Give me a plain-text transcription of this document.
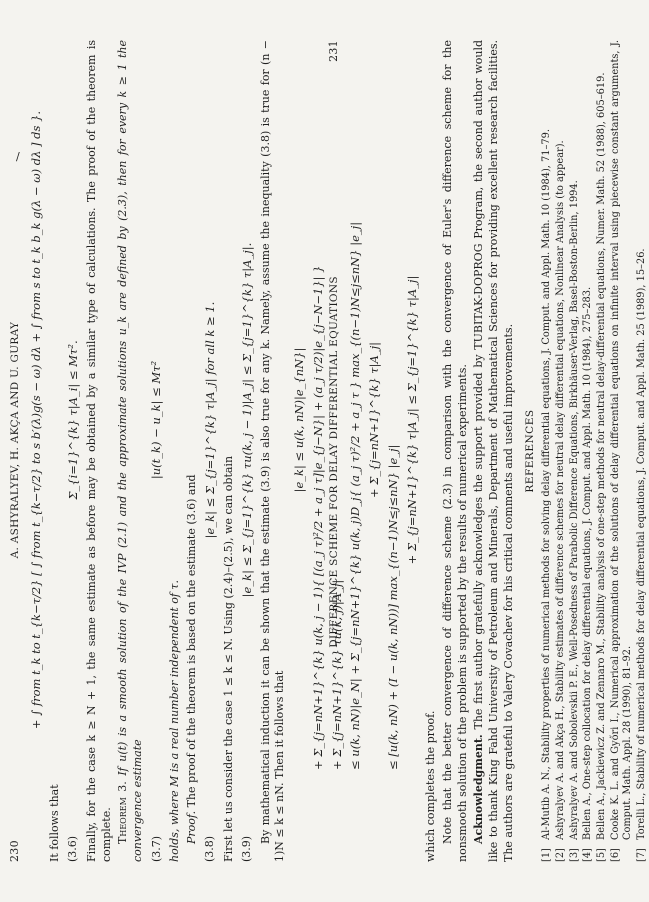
/
230
A. ASHYRALYEV, H. AKÇA AND U. GURAY + ∫ from t_k to t_{k−τ/2} [ ∫ from t_{k−τ/2} to s b′(λ)g(s − ω) dλ + ∫ from s to t_k b_k g(λ − ω) dλ ] ds }.

It follows that (3.6)
Σ_{i=1}^{k} τ|A_i| ≤ Mτ². Finally, for the case k ≥ N + 1, the same estimate as before may be obtained by a similar type of calculations. The proof of the theorem is complete. Theorem 3. If u(t) is a smooth solution of the IVP (2.1) and the approximate solutions u_k are defined by (2.3), then for every k ≥ 1 the convergence estimate (3.7)
|u(t_k) − u_k| ≤ Mτ²

holds, where M is a real number independent of τ. Proof. The proof of the theorem is based on the estimate (3.6) and

(3.8)
|e_k| ≤ Σ_{j=1}^{k} τ|A_j| for all k ≥ 1.

First let us consider the case 1 ≤ k ≤ N. Using (2.4)–(2.5), we can obtain (3.9)
|e_k| ≤ Σ_{j=1}^{k} τu(k, j − 1)|A_j| ≤ Σ_{j=1}^{k} τ|A_j|. By mathematical induction it can be shown that the estimate (3.9) is also true for any k. Namely, assume the inequality (3.8) is true for (n − 1)N ≤ k ≤ nN. Then it follows that

|e_k| ≤ u(k, nN)|e_{nN}| + Σ_{j=nN+1}^{k} u(k, j − 1){ [(a_j τ)²/2 + a_j τ]|e_{j−N}| + (a_j τ/2)|e_{j−N−1}| } + Σ_{j=nN+1}^{k} τu(k, j)|A_j|
DIFFERENCE SCHEME FOR DELAY DIFFERENTIAL EQUATIONS
231
≤ u(k, nN)|e_N| + Σ_{j=nN+1}^{k} u(k, j)D_j{ (a_j τ)²/2 + a_j τ } max_{(n−1)N≤j≤nN} |e_j| + Σ_{j=nN+1}^{k} τ|A_j|
≤ [u(k, nN) + (I − u(k, nN))] max_{(n−1)N≤j≤nN} |e_j|
+ Σ_{j=nN+1}^{k} τ|A_j| ≤ Σ_{j=1}^{k} τ|A_j|

which completes the proof. Note that the better convergence of difference scheme (2.3) in comparison with the convergence of Euler's difference scheme for the nonsmooth solution of the problem is supported by the results of numerical experiments. Acknowledgment. The first author gratefully acknowledges the support provided by TUBITAK-DOPROG Program, the second author would like to thank King Fahd University of Petroleum and Minerals, Department of Mathematical Sciences for providing excellent research facilities. The authors are grateful to Valery Covachev for his critical comments and useful improvements. REFERENCES
[1]
Al-Mutib A. N., Stability properties of numerical methods for solving delay differential equations, J. Comput. and Appl. Math. 10 (1984), 71–79.
[2]
Ashyralyev A. and Akça H., Stability estimates of difference schemes for neutral delay differential equations, Nonlinear Analysis (to appear).
[3]
Ashyralyev A. and Sobolevskii P. E., Well-Posedness of Parabolic Difference Equations, Birkhäuser-Verlag, Basel-Boston-Berlin, 1994.
[4]
Bellen A., One-step collocation for delay differential equations, J. Comput. and Appl. Math. 10 (1984), 275–283.
[5]
Bellen A., Jackiewicz Z. and Zennaro M., Stability analysis of one-step methods for neutral delay-differential equations, Numer. Math. 52 (1988), 605–619.
[6]
Cooke K. L. and Győri I., Numerical approximation of the solutions of delay differential equations on infinite interval using piecewise constant arguments, J. Comput. Math. Appl. 28 (1990), 81–92.
[7]
Torelli L., Stability of numerical methods for delay differential equations, J. Comput. and Appl. Math. 25 (1989), 15–26.
